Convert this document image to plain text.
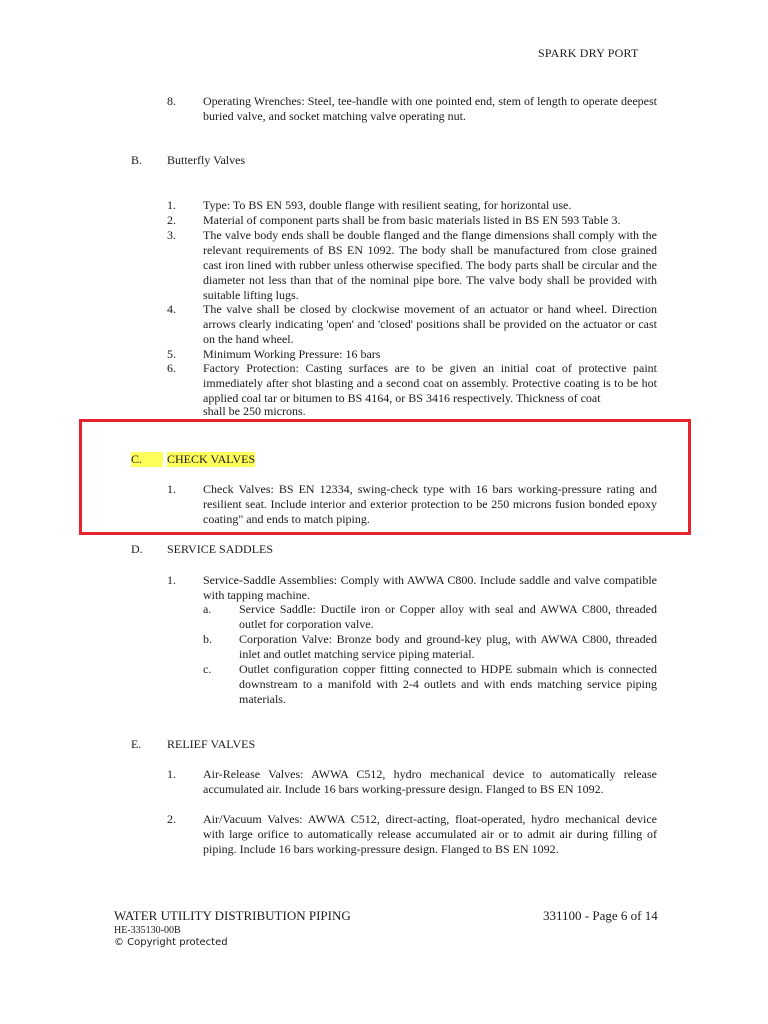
SPARK DRY PORT
8. Operating Wrenches: Steel, tee-handle with one pointed end, stem of length to operate deepest buried valve, and socket matching valve operating nut.
B. Butterfly Valves
1. Type: To BS EN 593, double flange with resilient seating, for horizontal use.
2. Material of component parts shall be from basic materials listed in BS EN 593 Table 3.
3. The valve body ends shall be double flanged and the flange dimensions shall comply with the relevant requirements of BS EN 1092. The body shall be manufactured from close grained cast iron lined with rubber unless otherwise specified. The body parts shall be circular and the diameter not less than that of the nominal pipe bore. The valve body shall be provided with suitable lifting lugs.
4. The valve shall be closed by clockwise movement of an actuator or hand wheel. Direction arrows clearly indicating 'open' and 'closed' positions shall be provided on the actuator or cast on the hand wheel.
5. Minimum Working Pressure: 16 bars
6. Factory Protection: Casting surfaces are to be given an initial coat of protective paint immediately after shot blasting and a second coat on assembly. Protective coating is to be hot applied coal tar or bitumen to BS 4164, or BS 3416 respectively. Thickness of coat
shall be 250 microns.
C.	CHECK VALVES
1. Check Valves: BS EN 12334, swing-check type with 16 bars working-pressure rating and resilient seat. Include interior and exterior protection to be 250 microns fusion bonded epoxy coating" and ends to match piping.
D. SERVICE SADDLES
1. Service-Saddle Assemblies: Comply with AWWA C800. Include saddle and valve compatible with tapping machine.
a. Service Saddle: Ductile iron or Copper alloy with seal and AWWA C800, threaded outlet for corporation valve.
b. Corporation Valve: Bronze body and ground-key plug, with AWWA C800, threaded inlet and outlet matching service piping material.
c. Outlet configuration copper fitting connected to HDPE submain which is connected downstream to a manifold with 2-4 outlets and with ends matching service piping materials.
E. RELIEF VALVES
1. Air-Release Valves: AWWA C512, hydro mechanical device to automatically release accumulated air. Include 16 bars working-pressure design. Flanged to BS EN 1092.
2. Air/Vacuum Valves: AWWA C512, direct-acting, float-operated, hydro mechanical device with large orifice to automatically release accumulated air or to admit air during filling of piping. Include 16 bars working-pressure design. Flanged to BS EN 1092.
WATER UTILITY DISTRIBUTION PIPING	331100 - Page 6 of 14
HE-335130-00B
© Copyright protected
